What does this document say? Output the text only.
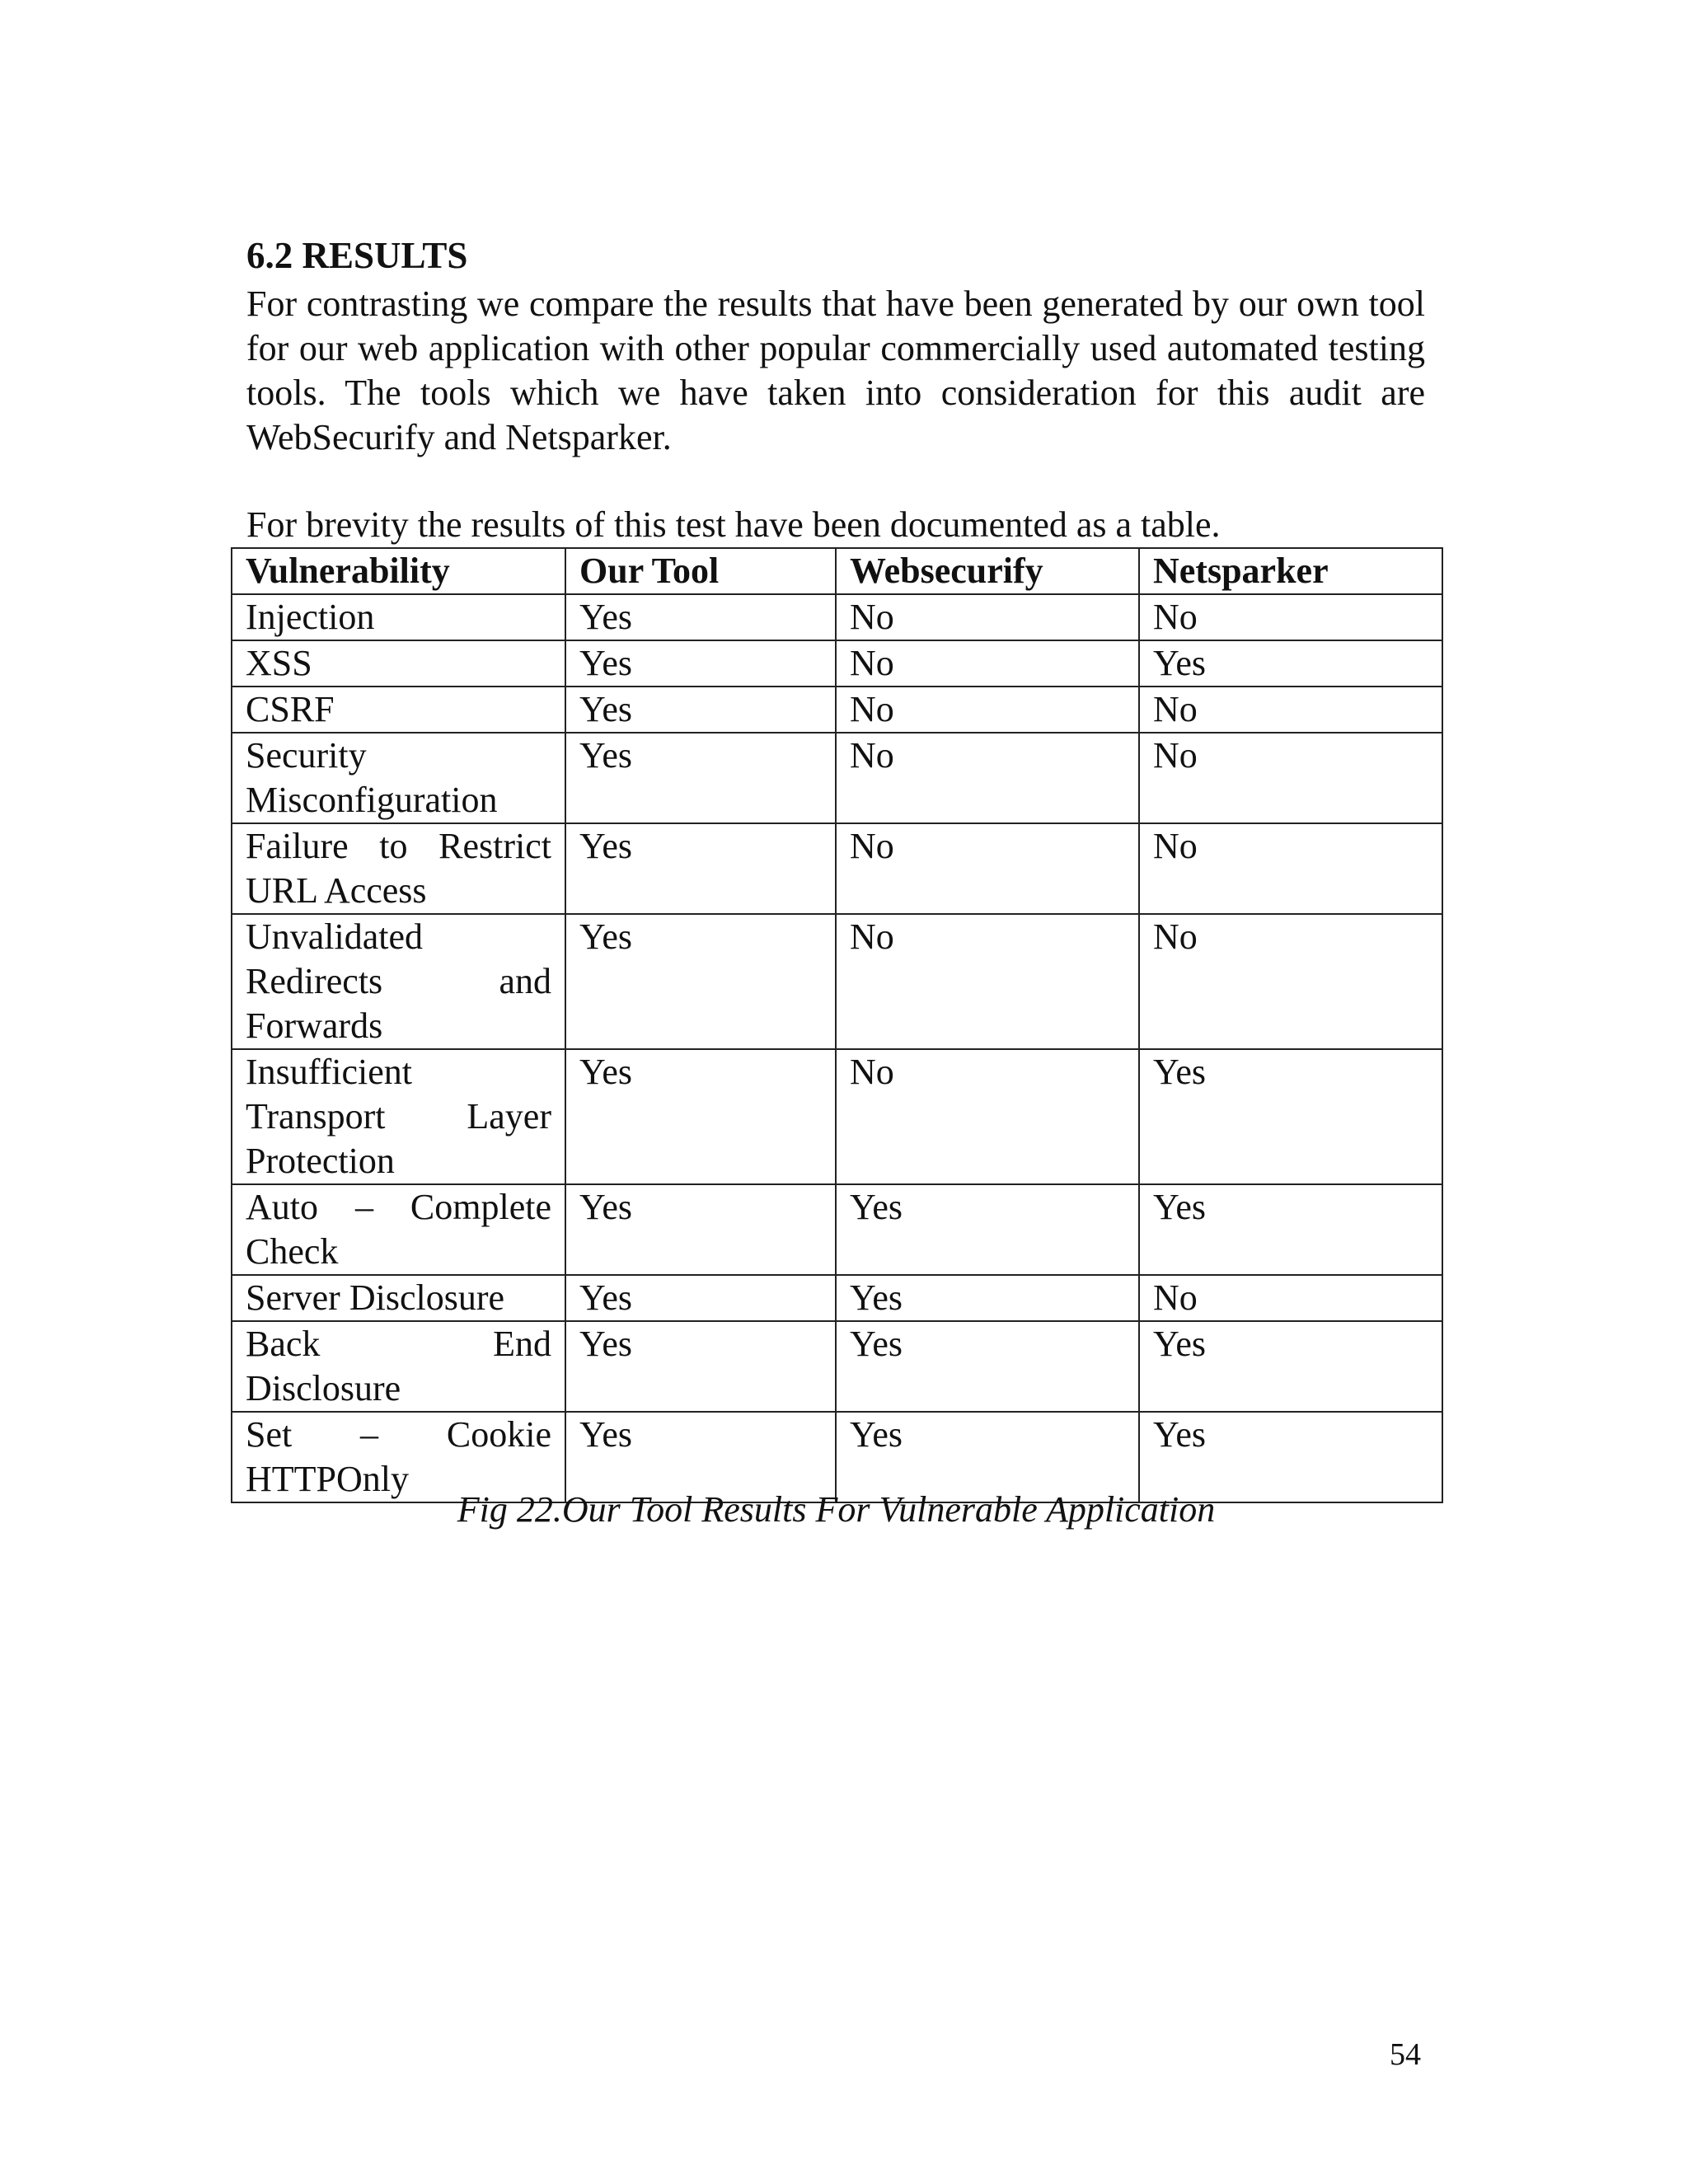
6.2 RESULTS

For contrasting we compare the results that have been generated by our own tool for our web application with other popular commercially used automated testing tools. The tools which we have taken into consideration for this audit are WebSecurify and Netsparker.

For brevity the results of this test have been documented as a table.

Vulnerability	Our Tool	Websecurify	Netsparker
Injection	Yes	No	No
XSS	Yes	No	Yes
CSRF	Yes	No	No
Security Misconfiguration	Yes	No	No
Failure to Restrict URL Access	Yes	No	No
Unvalidated Redirects and Forwards	Yes	No	No
Insufficient Transport Layer Protection	Yes	No	Yes
Auto – Complete Check	Yes	Yes	Yes
Server Disclosure	Yes	Yes	No
Back End Disclosure	Yes	Yes	Yes
Set – Cookie HTTPOnly	Yes	Yes	Yes

Fig 22.Our Tool Results For Vulnerable Application

54
